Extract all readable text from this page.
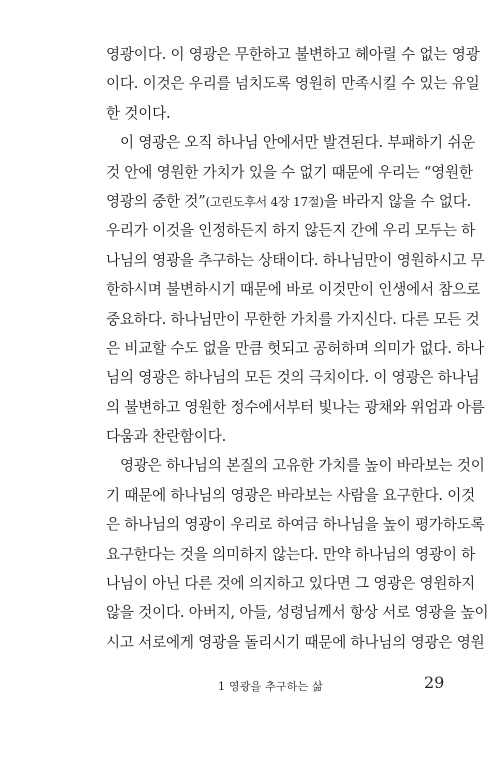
영광이다. 이 영광은 무한하고 불변하고 헤아릴 수 없는 영광
이다. 이것은 우리를 넘치도록 영원히 만족시킬 수 있는 유일
한 것이다.
이 영광은 오직 하나님 안에서만 발견된다. 부패하기 쉬운
것 안에 영원한 가치가 있을 수 없기 때문에 우리는 “영원한
영광의 중한 것”(고린도후서 4장 17절)을 바라지 않을 수 없다.
우리가 이것을 인정하든지 하지 않든지 간에 우리 모두는 하
나님의 영광을 추구하는 상태이다. 하나님만이 영원하시고 무
한하시며 불변하시기 때문에 바로 이것만이 인생에서 참으로
중요하다. 하나님만이 무한한 가치를 가지신다. 다른 모든 것
은 비교할 수도 없을 만큼 헛되고 공허하며 의미가 없다. 하나
님의 영광은 하나님의 모든 것의 극치이다. 이 영광은 하나님
의 불변하고 영원한 정수에서부터 빛나는 광채와 위엄과 아름
다움과 찬란함이다.
영광은 하나님의 본질의 고유한 가치를 높이 바라보는 것이
기 때문에 하나님의 영광은 바라보는 사람을 요구한다. 이것
은 하나님의 영광이 우리로 하여금 하나님을 높이 평가하도록
요구한다는 것을 의미하지 않는다. 만약 하나님의 영광이 하
나님이 아닌 다른 것에 의지하고 있다면 그 영광은 영원하지
않을 것이다. 아버지, 아들, 성령님께서 항상 서로 영광을 높이
시고 서로에게 영광을 돌리시기 때문에 하나님의 영광은 영원
1 영광을 추구하는 삶	29
